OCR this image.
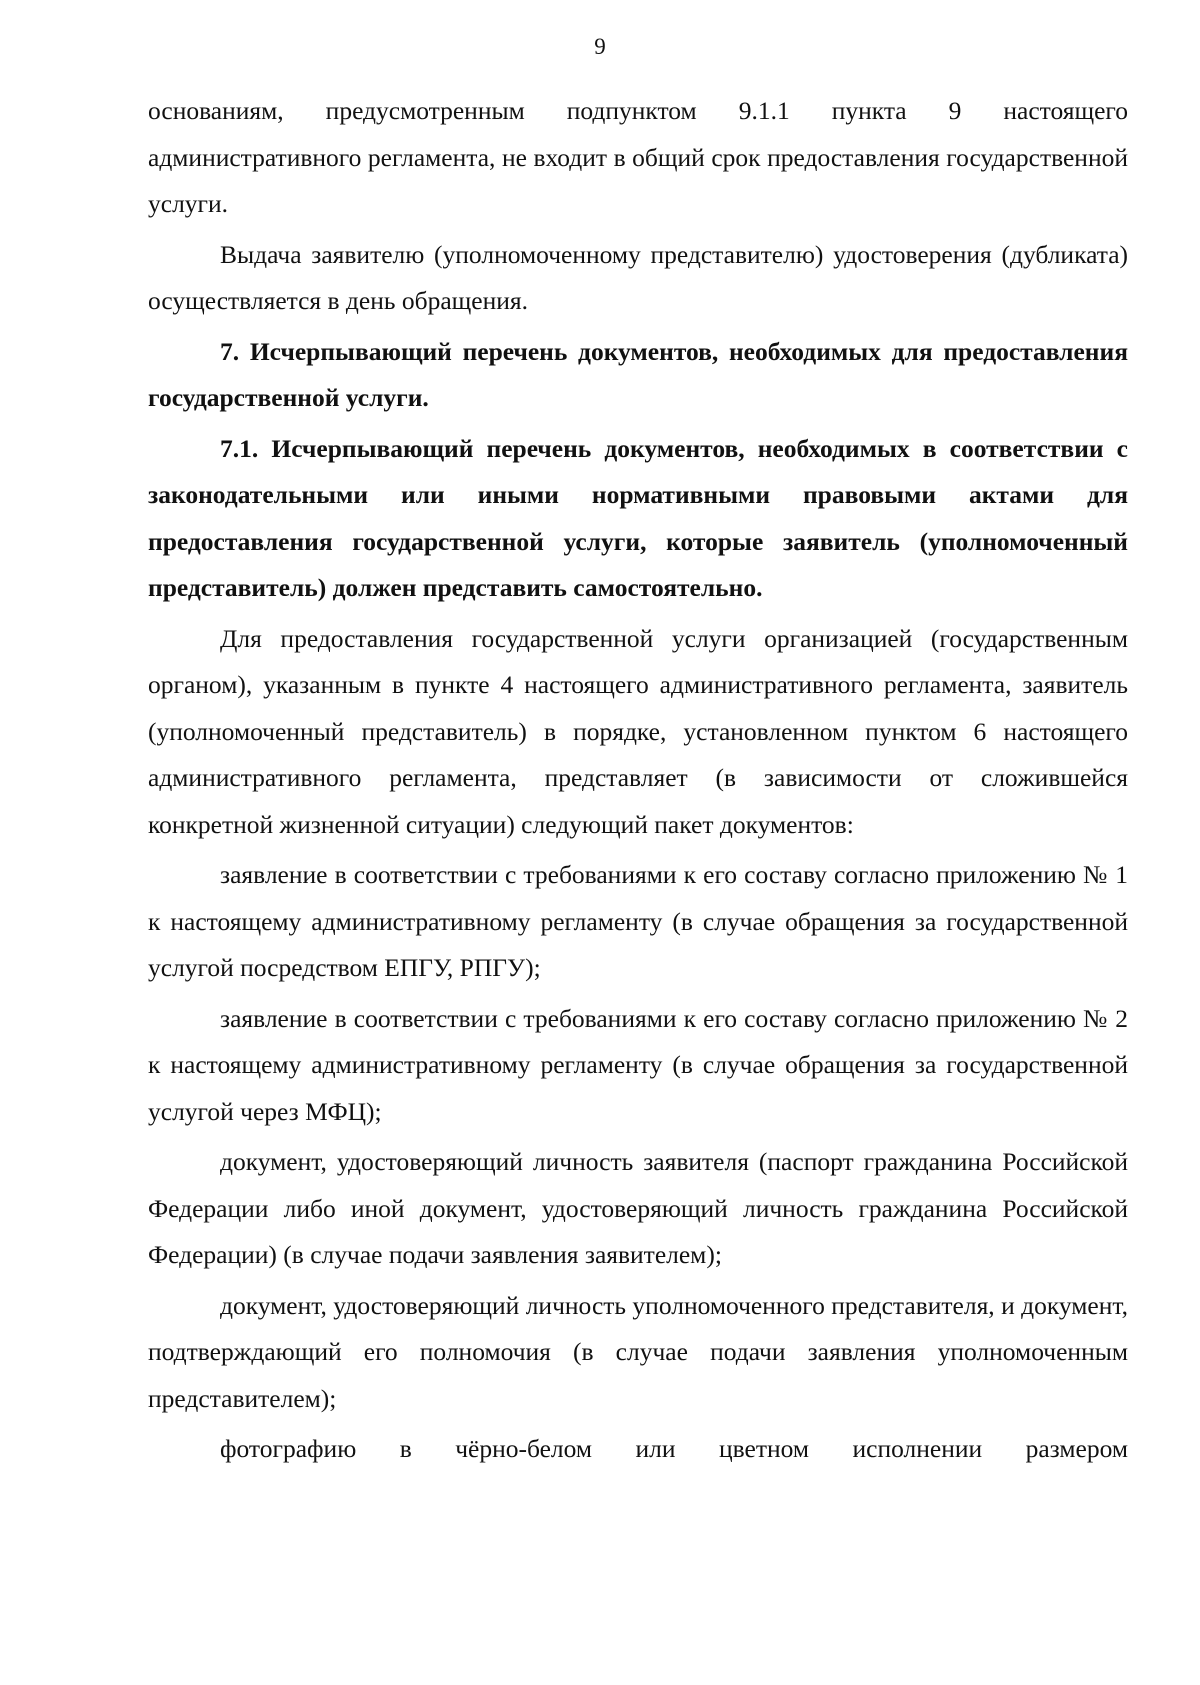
9

основаниям, предусмотренным подпунктом 9.1.1 пункта 9 настоящего административного регламента, не входит в общий срок предоставления государственной услуги.

Выдача заявителю (уполномоченному представителю) удостоверения (дубликата) осуществляется в день обращения.

7. Исчерпывающий перечень документов, необходимых для предоставления государственной услуги.

7.1. Исчерпывающий перечень документов, необходимых в соответствии с законодательными или иными нормативными правовыми актами для предоставления государственной услуги, которые заявитель (уполномоченный представитель) должен представить самостоятельно.

Для предоставления государственной услуги организацией (государственным органом), указанным в пункте 4 настоящего административного регламента, заявитель (уполномоченный представитель) в порядке, установленном пунктом 6 настоящего административного регламента, представляет (в зависимости от сложившейся конкретной жизненной ситуации) следующий пакет документов:

заявление в соответствии с требованиями к его составу согласно приложению № 1 к настоящему административному регламенту (в случае обращения за государственной услугой посредством ЕПГУ, РПГУ);

заявление в соответствии с требованиями к его составу согласно приложению № 2 к настоящему административному регламенту (в случае обращения за государственной услугой через МФЦ);

документ, удостоверяющий личность заявителя (паспорт гражданина Российской Федерации либо иной документ, удостоверяющий личность гражданина Российской Федерации) (в случае подачи заявления заявителем);

документ, удостоверяющий личность уполномоченного представителя, и документ, подтверждающий его полномочия (в случае подачи заявления уполномоченным представителем);

фотографию в чёрно-белом или цветном исполнении размером
